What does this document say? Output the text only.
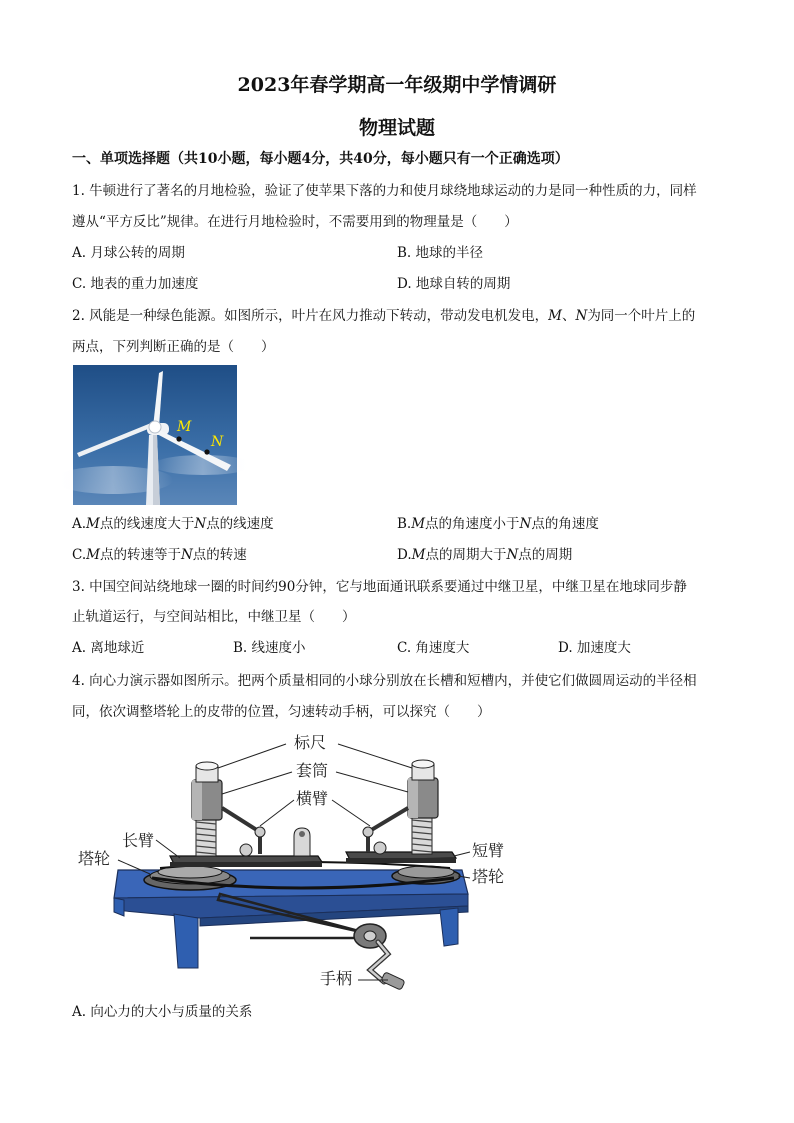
2023年春学期高一年级期中学情调研
物理试题
一、单项选择题（共10小题，每小题4分，共40分，每小题只有一个正确选项）
1. 牛顿进行了著名的月地检验，验证了使苹果下落的力和使月球绕地球运动的力是同一种性质的力，同样
遵从“平方反比”规律。在进行月地检验时，不需要用到的物理量是（　　）
A. 月球公转的周期	B. 地球的半径
C. 地表的重力加速度	D. 地球自转的周期
2. 风能是一种绿色能源。如图所示，叶片在风力推动下转动，带动发电机发电，M、N为同一个叶片上的
两点，下列判断正确的是（　　）
M
N
A.M点的线速度大于N点的线速度	B.M点的角速度小于N点的角速度
C.M点的转速等于N点的转速	D.M点的周期大于N点的周期
3. 中国空间站绕地球一圈的时间约90分钟，它与地面通讯联系要通过中继卫星，中继卫星在地球同步静
止轨道运行，与空间站相比，中继卫星（　　）
A. 离地球近	B. 线速度小	C. 角速度大	D. 加速度大
4. 向心力演示器如图所示。把两个质量相同的小球分别放在长槽和短槽内，并使它们做圆周运动的半径相
同，依次调整塔轮上的皮带的位置，匀速转动手柄，可以探究（　　）
标尺
套筒
横臂
长臂
塔轮	短臂
塔轮
手柄
A. 向心力的大小与质量的关系
